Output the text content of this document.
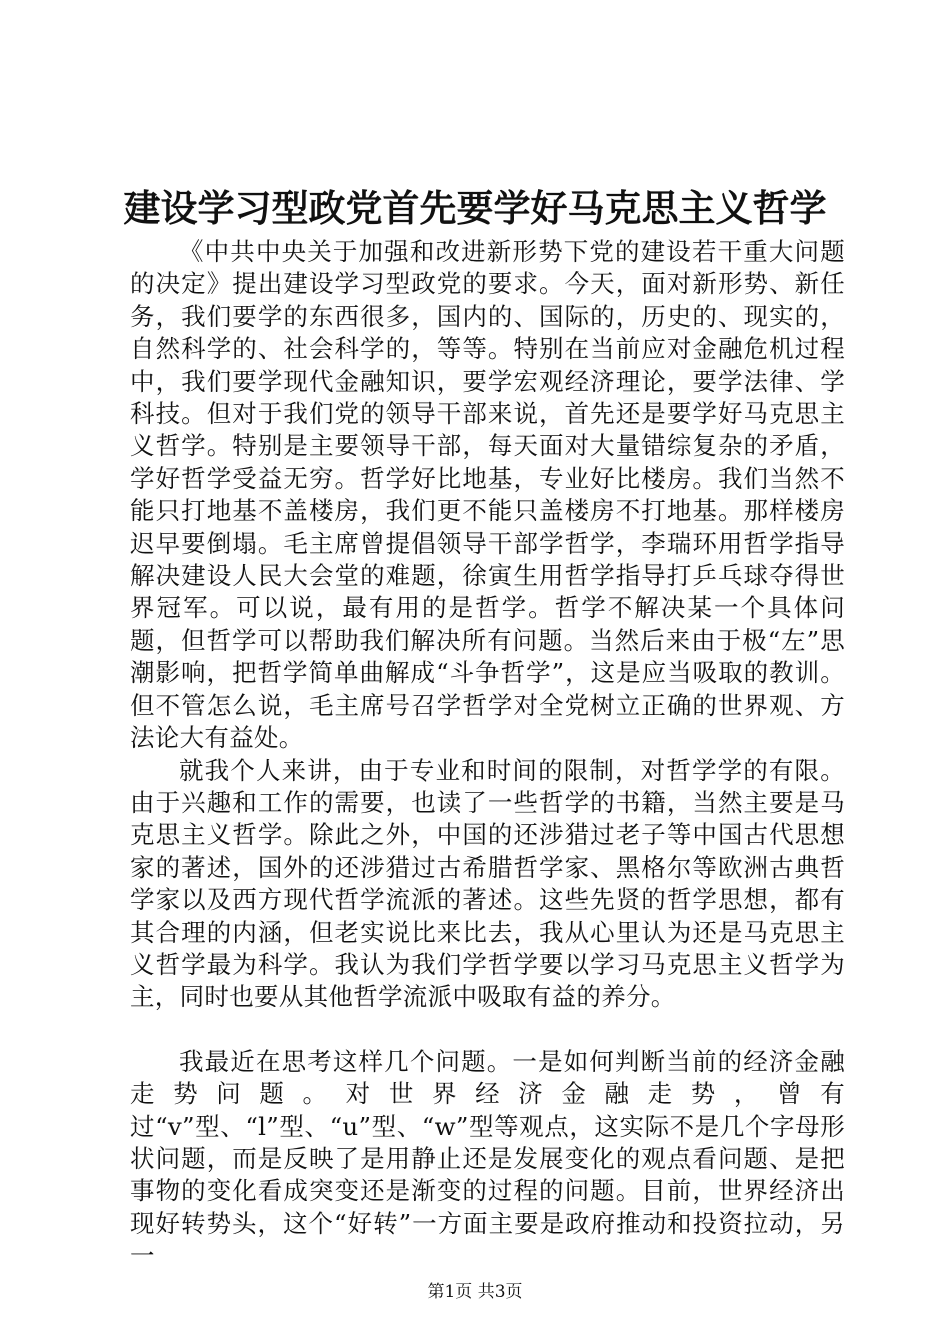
建设学习型政党首先要学好马克思主义哲学

《中共中央关于加强和改进新形势下党的建设若干重大问题的决定》提出建设学习型政党的要求。今天，面对新形势、新任务，我们要学的东西很多，国内的、国际的，历史的、现实的，自然科学的、社会科学的，等等。特别在当前应对金融危机过程中，我们要学现代金融知识，要学宏观经济理论，要学法律、学科技。但对于我们党的领导干部来说，首先还是要学好马克思主义哲学。特别是主要领导干部，每天面对大量错综复杂的矛盾，学好哲学受益无穷。哲学好比地基，专业好比楼房。我们当然不能只打地基不盖楼房，我们更不能只盖楼房不打地基。那样楼房迟早要倒塌。毛主席曾提倡领导干部学哲学，李瑞环用哲学指导解决建设人民大会堂的难题，徐寅生用哲学指导打乒乓球夺得世界冠军。可以说，最有用的是哲学。哲学不解决某一个具体问题，但哲学可以帮助我们解决所有问题。当然后来由于极“左”思潮影响，把哲学简单曲解成“斗争哲学”，这是应当吸取的教训。但不管怎么说，毛主席号召学哲学对全党树立正确的世界观、方法论大有益处。

就我个人来讲，由于专业和时间的限制，对哲学学的有限。由于兴趣和工作的需要，也读了一些哲学的书籍，当然主要是马克思主义哲学。除此之外，中国的还涉猎过老子等中国古代思想家的著述，国外的还涉猎过古希腊哲学家、黑格尔等欧洲古典哲学家以及西方现代哲学流派的著述。这些先贤的哲学思想，都有其合理的内涵，但老实说比来比去，我从心里认为还是马克思主义哲学最为科学。我认为我们学哲学要以学习马克思主义哲学为主，同时也要从其他哲学流派中吸取有益的养分。

我最近在思考这样几个问题。一是如何判断当前的经济金融走势问题。对世界经济金融走势，曾有过“v”型、“l”型、“u”型、“w”型等观点，这实际不是几个字母形状问题，而是反映了是用静止还是发展变化的观点看问题、是把事物的变化看成突变还是渐变的过程的问题。目前，世界经济出现好转势头，这个“好转”一方面主要是政府推动和投资拉动，另一

第1页 共3页
